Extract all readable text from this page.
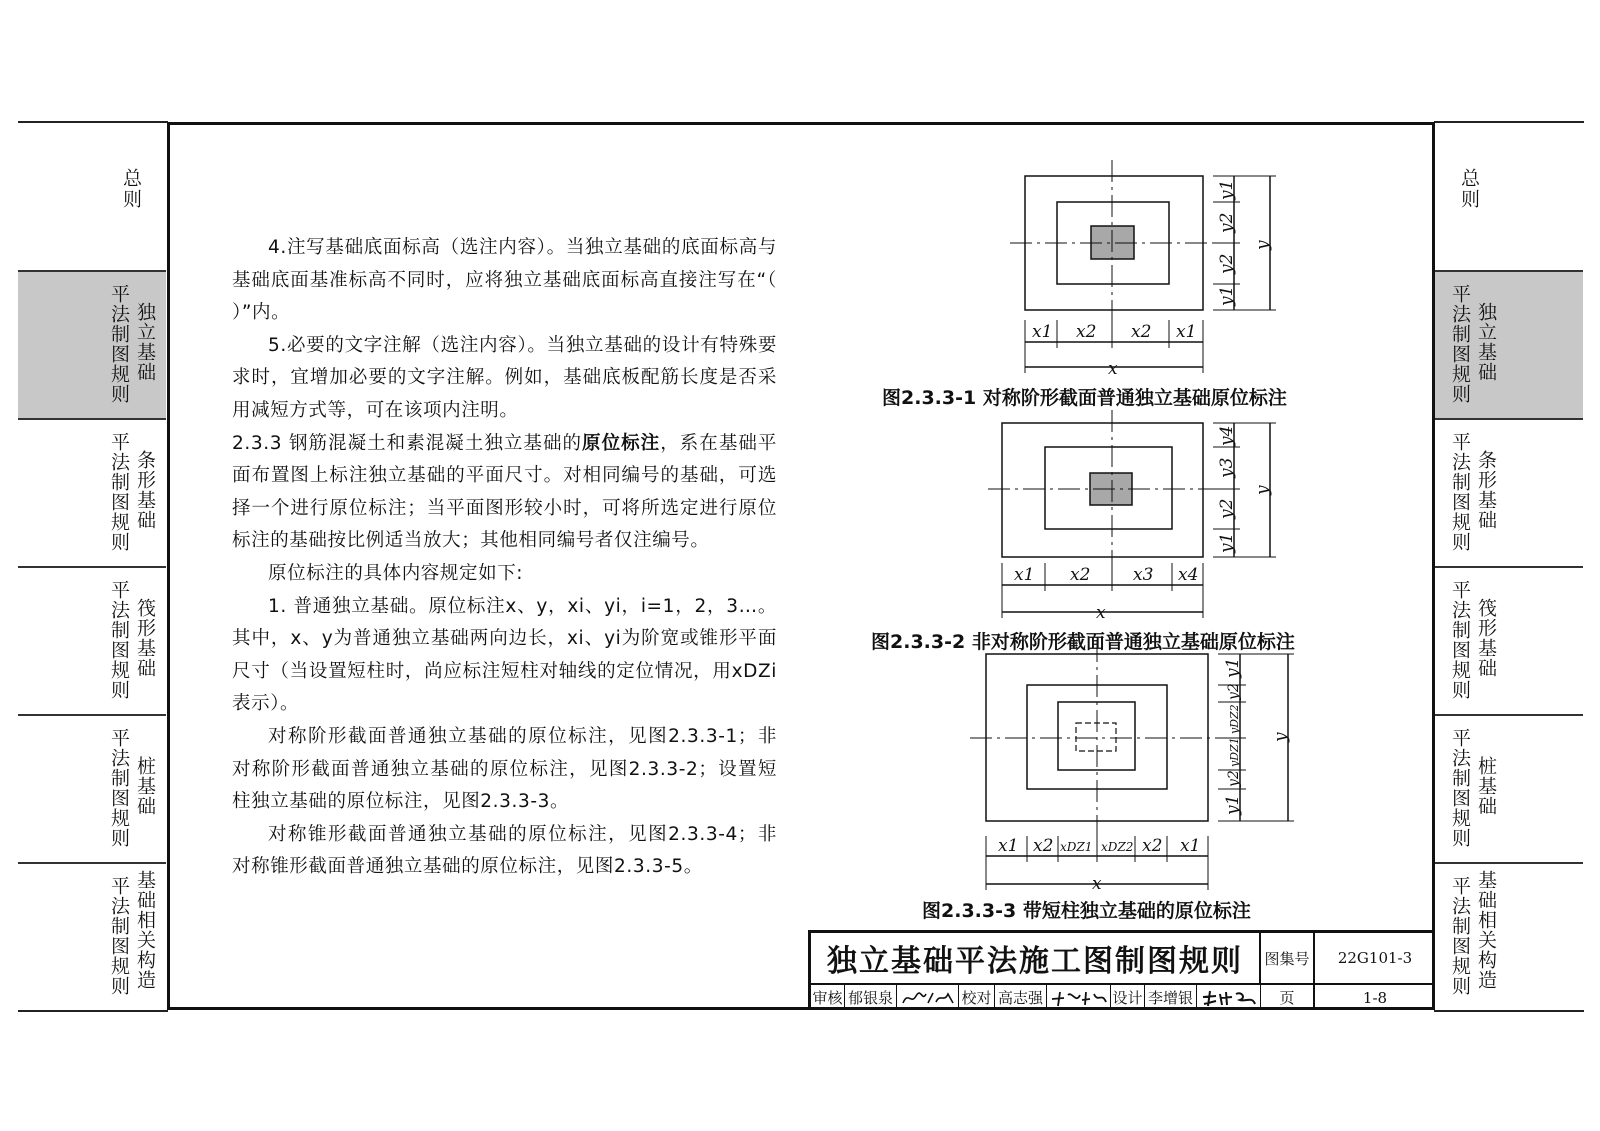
总则
平法制图规则 独立基础
平法制图规则 条形基础
平法制图规则 筏形基础
平法制图规则 桩基础
平法制图规则 基础相关构造
总则
平法制图规则 独立基础
平法制图规则 条形基础
平法制图规则 筏形基础
平法制图规则 桩基础
平法制图规则 基础相关构造

4.注写基础底面标高（选注内容）。当独立基础的底面标高与基础底面基准标高不同时，应将独立基础底面标高直接注写在“（ ）”内。

5.必要的文字注解（选注内容）。当独立基础的设计有特殊要求时，宜增加必要的文字注解。例如，基础底板配筋长度是否采用减短方式等，可在该项内注明。

2.3.3 钢筋混凝土和素混凝土独立基础的原位标注，系在基础平面布置图上标注独立基础的平面尺寸。对相同编号的基础，可选择一个进行原位标注；当平面图形较小时，可将所选定进行原位标注的基础按比例适当放大；其他相同编号者仅注编号。

原位标注的具体内容规定如下:

1. 普通独立基础。原位标注x、y，xi、yi，i=1，2，3…。其中，x、y为普通独立基础两向边长，xi、yi为阶宽或锥形平面尺寸（当设置短柱时，尚应标注短柱对轴线的定位情况，用xDZi表示）。

对称阶形截面普通独立基础的原位标注，见图2.3.3-1；非对称阶形截面普通独立基础的原位标注，见图2.3.3-2；设置短柱独立基础的原位标注，见图2.3.3-3。

对称锥形截面普通独立基础的原位标注，见图2.3.3-4；非对称锥形截面普通独立基础的原位标注，见图2.3.3-5。

x1 x2 x2 x1
x
y1
y2
y2
y1
y
x1 x2	x3 x4
x
y4
y3
y2
y1
y
x1 x2 xDZ1 xDZ2 x2 x1
x
y1
y2
yDZ2
yDZ1
y2
y1
y
图2.3.3-1 对称阶形截面普通独立基础原位标注
图2.3.3-2 非对称阶形截面普通独立基础原位标注
图2.3.3-3 带短柱独立基础的原位标注
独立基础平法施工图制图规则	图集号	22G101-3
审核 郁银泉	校对 高志强	设计 李增银	页	1-8
